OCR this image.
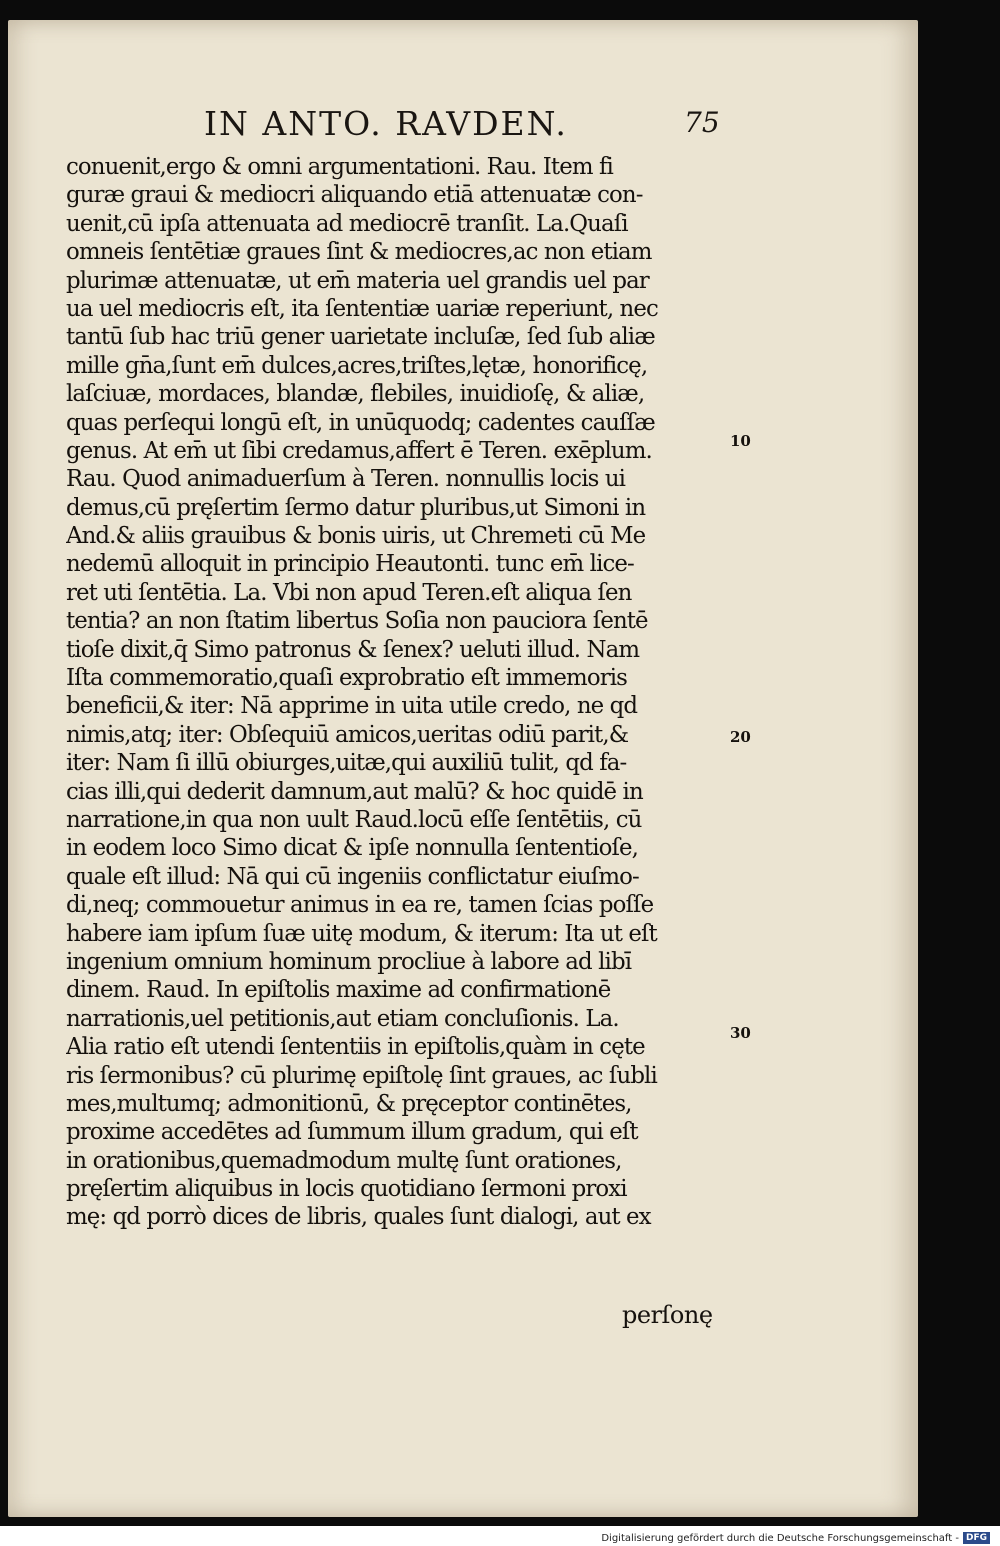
IN ANTO. RAVDEN.	75
conuenit,ergo & omni argumentationi. Rau. Item fi
guræ graui & mediocri aliquando etiā attenuatæ con-
uenit,cū ipſa attenuata ad mediocrē tranſit. La.Quaſi
omneis ſentētiæ graues ſint & mediocres,ac non etiam
plurimæ attenuatæ, ut em̄ materia uel grandis uel par
ua uel mediocris eſt, ita ſententiæ uariæ reperiunt, nec
tantū ſub hac triū gener uarietate incluſæ, ſed ſub aliæ
mille gn̄a,ſunt em̄ dulces,acres,triſtes,lętæ, honorificę,
laſciuæ, mordaces, blandæ, flebiles, inuidioſę, & aliæ,
quas perſequi longū eſt, in unūquodq; cadentes cauſſæ
genus. At em̄ ut ſibi credamus,affert ē Teren. exēplum.
Rau. Quod animaduerſum à Teren. nonnullis locis ui
demus,cū pręſertim ſermo datur pluribus,ut Simoni in
And.& aliis grauibus & bonis uiris, ut Chremeti cū Me
nedemū alloquit in principio Heautonti. tunc em̄ lice-
ret uti ſentētia. La. Vbi non apud Teren.eſt aliqua ſen
tentia? an non ſtatim libertus Soſia non pauciora ſentē
tioſe dixit,q̄ Simo patronus & ſenex? ueluti illud. Nam
Iſta commemoratio,quaſi exprobratio eſt immemoris
beneficii,& iter: Nā apprime in uita utile credo, ne qd
nimis,atq; iter: Obſequiū amicos,ueritas odiū parit,&
iter: Nam ſi illū obiurges,uitæ,qui auxiliū tulit, qd fa-
cias illi,qui dederit damnum,aut malū? & hoc quidē in
narratione,in qua non uult Raud.locū eſſe ſentētiis, cū
in eodem loco Simo dicat & ipſe nonnulla ſententioſe,
quale eſt illud: Nā qui cū ingeniis conflictatur eiuſmo-
di,neq; commouetur animus in ea re, tamen ſcias poſſe
habere iam ipſum ſuæ uitę modum, & iterum: Ita ut eſt
ingenium omnium hominum procliue à labore ad libī
dinem. Raud. In epiſtolis maxime ad confirmationē
narrationis,uel petitionis,aut etiam concluſionis. La.
Alia ratio eſt utendi ſententiis in epiſtolis,quàm in cęte
ris ſermonibus? cū plurimę epiſtolę ſint graues, ac ſubli
mes,multumq; admonitionū, & pręceptor continētes,
proxime accedētes ad ſummum illum gradum, qui eſt
in orationibus,quemadmodum multę ſunt orationes,
pręſertim aliquibus in locis quotidiano ſermoni proxi
mę: qd porrò dices de libris, quales ſunt dialogi, aut ex
10
20
30
perſonę
Digitalisierung gefördert durch die Deutsche Forschungsgemeinschaft - DFG
